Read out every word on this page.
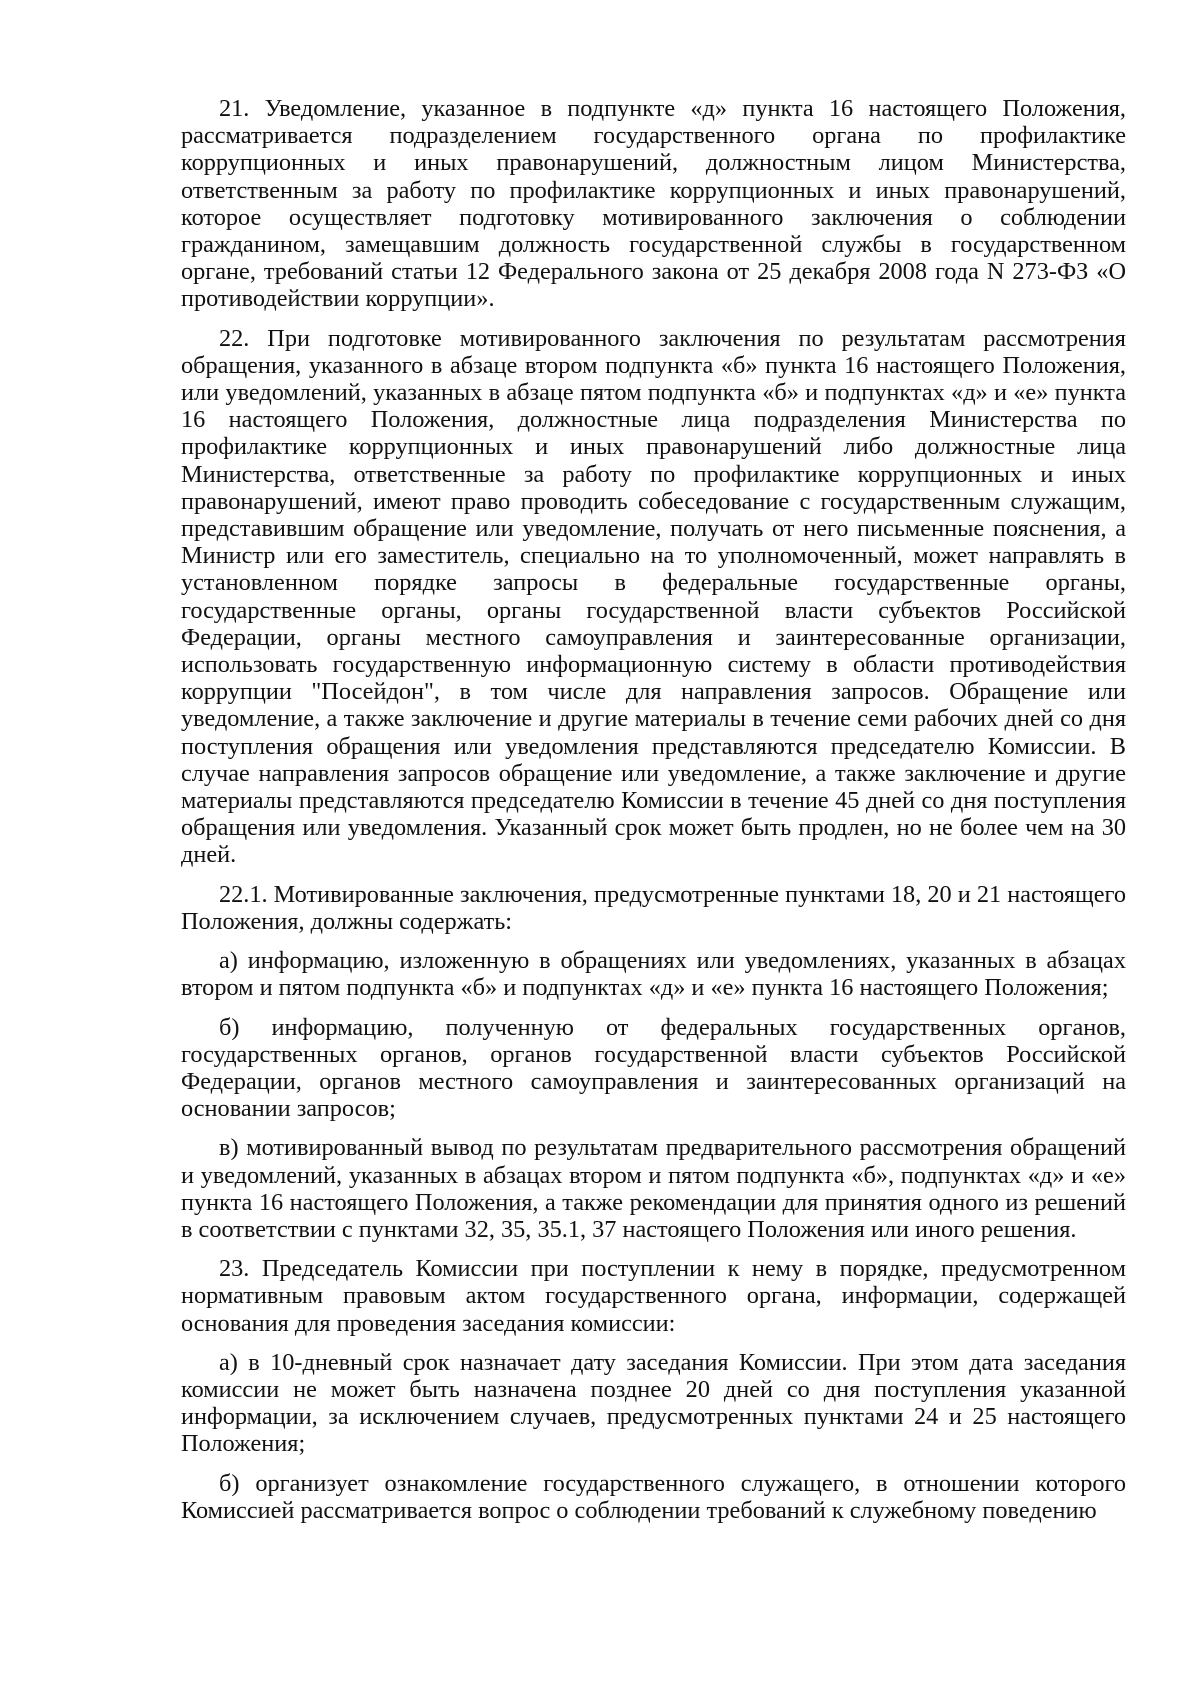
21. Уведомление, указанное в подпункте «д» пункта 16 настоящего Положения, рассматривается подразделением государственного органа по профилактике коррупционных и иных правонарушений, должностным лицом Министерства, ответственным за работу по профилактике коррупционных и иных правонарушений, которое осуществляет подготовку мотивированного заключения о соблюдении гражданином, замещавшим должность государственной службы в государственном органе, требований статьи 12 Федерального закона от 25 декабря 2008 года N 273-ФЗ «О противодействии коррупции».

22. При подготовке мотивированного заключения по результатам рассмотрения обращения, указанного в абзаце втором подпункта «б» пункта 16 настоящего Положения, или уведомлений, указанных в абзаце пятом подпункта «б» и подпунктах «д» и «е» пункта 16 настоящего Положения, должностные лица подразделения Министерства по профилактике коррупционных и иных правонарушений либо должностные лица Министерства, ответственные за работу по профилактике коррупционных и иных правонарушений, имеют право проводить собеседование с государственным служащим, представившим обращение или уведомление, получать от него письменные пояснения, а Министр или его заместитель, специально на то уполномоченный, может направлять в установленном порядке запросы в федеральные государственные органы, государственные органы, органы государственной власти субъектов Российской Федерации, органы местного самоуправления и заинтересованные организации, использовать государственную информационную систему в области противодействия коррупции "Посейдон", в том числе для направления запросов. Обращение или уведомление, а также заключение и другие материалы в течение семи рабочих дней со дня поступления обращения или уведомления представляются председателю Комиссии. В случае направления запросов обращение или уведомление, а также заключение и другие материалы представляются председателю Комиссии в течение 45 дней со дня поступления обращения или уведомления. Указанный срок может быть продлен, но не более чем на 30 дней.

22.1. Мотивированные заключения, предусмотренные пунктами 18, 20 и 21 настоящего Положения, должны содержать:

а) информацию, изложенную в обращениях или уведомлениях, указанных в абзацах втором и пятом подпункта «б» и подпунктах «д» и «е» пункта 16 настоящего Положения;

б) информацию, полученную от федеральных государственных органов, государственных органов, органов государственной власти субъектов Российской Федерации, органов местного самоуправления и заинтересованных организаций на основании запросов;

в) мотивированный вывод по результатам предварительного рассмотрения обращений и уведомлений, указанных в абзацах втором и пятом подпункта «б», подпунктах «д» и «е» пункта 16 настоящего Положения, а также рекомендации для принятия одного из решений в соответствии с пунктами 32, 35, 35.1, 37 настоящего Положения или иного решения.

23. Председатель Комиссии при поступлении к нему в порядке, предусмотренном нормативным правовым актом государственного органа, информации, содержащей основания для проведения заседания комиссии:

а) в 10-дневный срок назначает дату заседания Комиссии. При этом дата заседания комиссии не может быть назначена позднее 20 дней со дня поступления указанной информации, за исключением случаев, предусмотренных пунктами 24 и 25 настоящего Положения;

б) организует ознакомление государственного служащего, в отношении которого Комиссией рассматривается вопрос о соблюдении требований к служебному поведению
